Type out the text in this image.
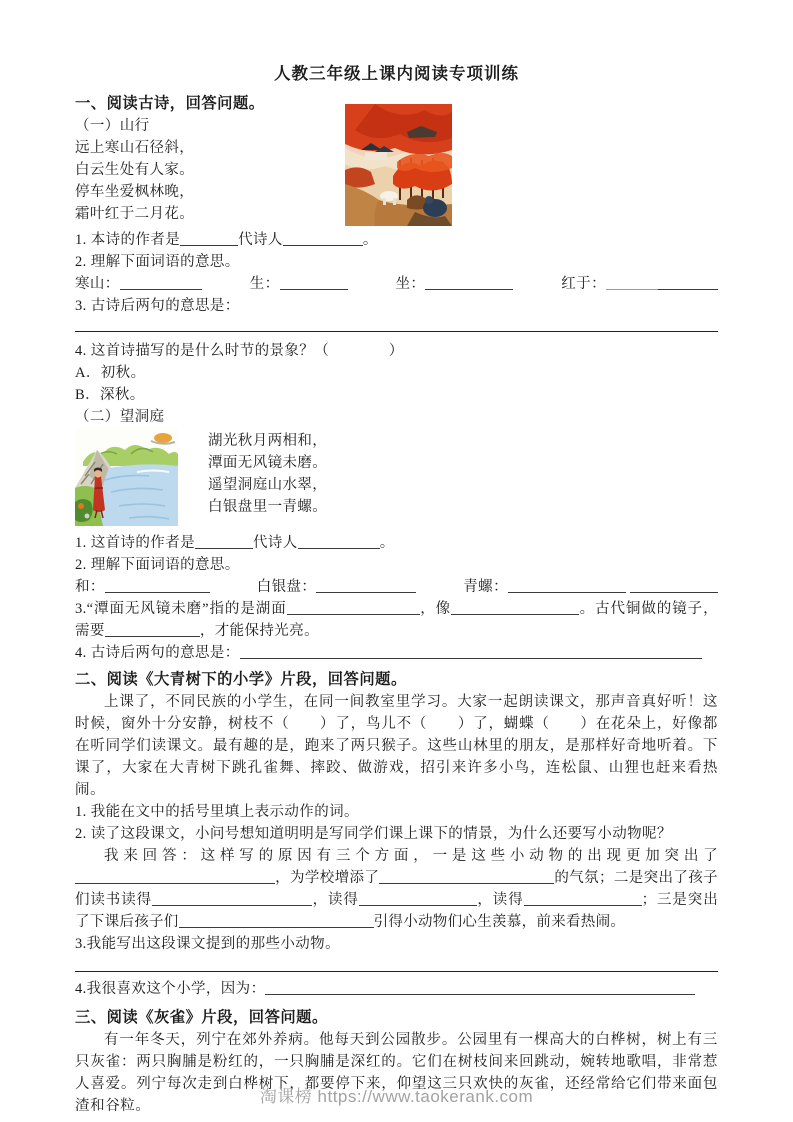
人教三年级上课内阅读专项训练
一、阅读古诗，回答问题。
（一）山行
远上寒山石径斜，
白云生处有人家。
停车坐爱枫林晚，
霜叶红于二月花。
1. 本诗的作者是	代诗人	。
2. 理解下面词语的意思。
寒山：	生：	坐：	红于：
3. 古诗后两句的意思是：
4. 这首诗描写的是什么时节的景象？（　　　　）
A．初秋。
B．深秋。
（二）望洞庭
湖光秋月两相和，
潭面无风镜未磨。
遥望洞庭山水翠，
白银盘里一青螺。
1. 这首诗的作者是	代诗人	。
2. 理解下面词语的意思。
和：	白银盘：	青螺：
3.“潭面无风镜未磨”指的是湖面	，像	。古代铜做的镜子，需要	，才能保持光亮。
4. 古诗后两句的意思是：
二、阅读《大青树下的小学》片段，回答问题。
上课了，不同民族的小学生，在同一间教室里学习。大家一起朗读课文，那声音真好听！这时候，窗外十分安静，树枝不（　　）了，鸟儿不（　　）了，蝴蝶（　　）在花朵上，好像都在听同学们读课文。最有趣的是，跑来了两只猴子。这些山林里的朋友，是那样好奇地听着。下课了，大家在大青树下跳孔雀舞、摔跤、做游戏，招引来许多小鸟，连松鼠、山狸也赶来看热闹。
1. 我能在文中的括号里填上表示动作的词。
2. 读了这段课文，小问号想知道明明是写同学们课上课下的情景，为什么还要写小动物呢？
我来回答：这样写的原因有三个方面，一是这些小动物的出现更加突出了，为学校增添了	的气氛；二是突出了孩子们读书读得	，读得	，读得	；三是突出了下课后孩子们	引得小动物们心生羡慕，前来看热闹。
3.我能写出这段课文提到的那些小动物。
4.我很喜欢这个小学，因为：
三、阅读《灰雀》片段，回答问题。
有一年冬天，列宁在郊外养病。他每天到公园散步。公园里有一棵高大的白桦树，树上有三只灰雀：两只胸脯是粉红的，一只胸脯是深红的。它们在树枝间来回跳动，婉转地歌唱，非常惹人喜爱。列宁每次走到白桦树下，都要停下来，仰望这三只欢快的灰雀，还经常给它们带来面包渣和谷粒。	淘课榜 https://www.taokerank.com
